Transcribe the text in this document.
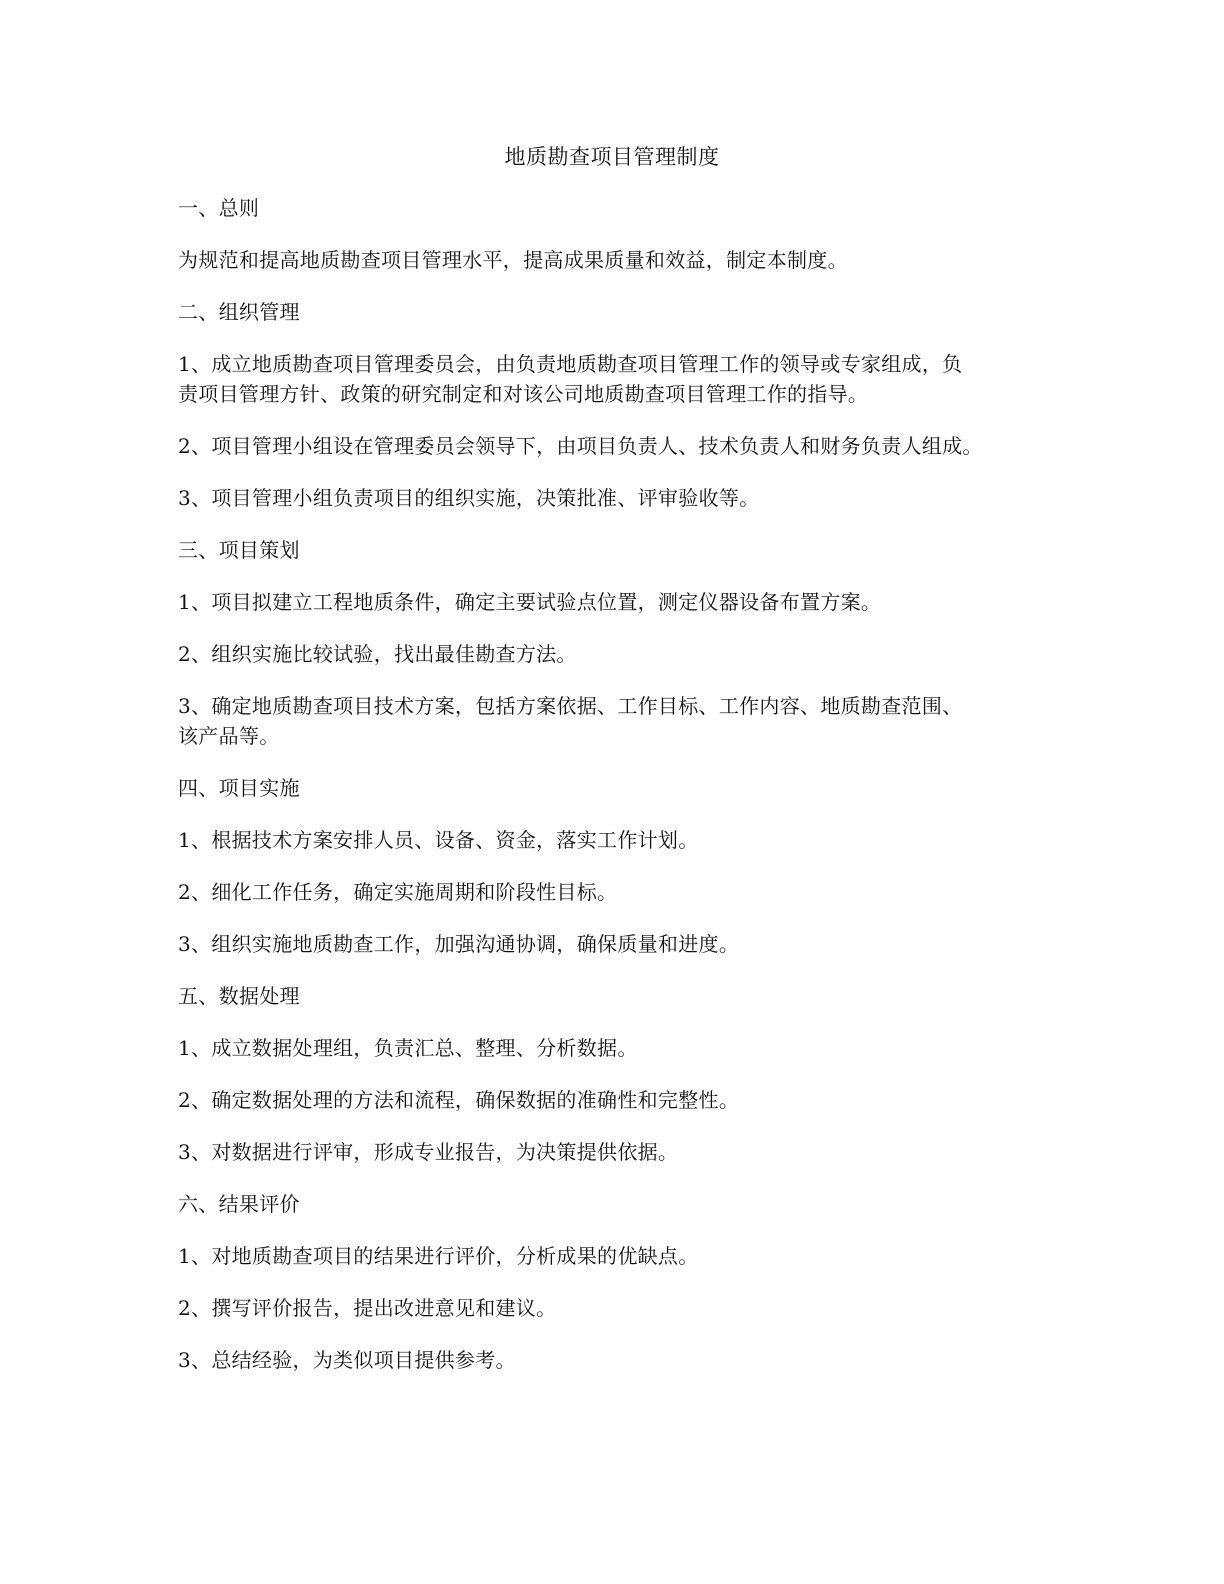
地质勘查项目管理制度
一、总则
为规范和提高地质勘查项目管理水平，提高成果质量和效益，制定本制度。
二、组织管理
1、成立地质勘查项目管理委员会，由负责地质勘查项目管理工作的领导或专家组成，负
责项目管理方针、政策的研究制定和对该公司地质勘查项目管理工作的指导。
2、项目管理小组设在管理委员会领导下，由项目负责人、技术负责人和财务负责人组成。
3、项目管理小组负责项目的组织实施，决策批准、评审验收等。
三、项目策划
1、项目拟建立工程地质条件，确定主要试验点位置，测定仪器设备布置方案。
2、组织实施比较试验，找出最佳勘查方法。
3、确定地质勘查项目技术方案，包括方案依据、工作目标、工作内容、地质勘查范围、
该产品等。
四、项目实施
1、根据技术方案安排人员、设备、资金，落实工作计划。
2、细化工作任务，确定实施周期和阶段性目标。
3、组织实施地质勘查工作，加强沟通协调，确保质量和进度。
五、数据处理
1、成立数据处理组，负责汇总、整理、分析数据。
2、确定数据处理的方法和流程，确保数据的准确性和完整性。
3、对数据进行评审，形成专业报告，为决策提供依据。
六、结果评价
1、对地质勘查项目的结果进行评价，分析成果的优缺点。
2、撰写评价报告，提出改进意见和建议。
3、总结经验，为类似项目提供参考。
